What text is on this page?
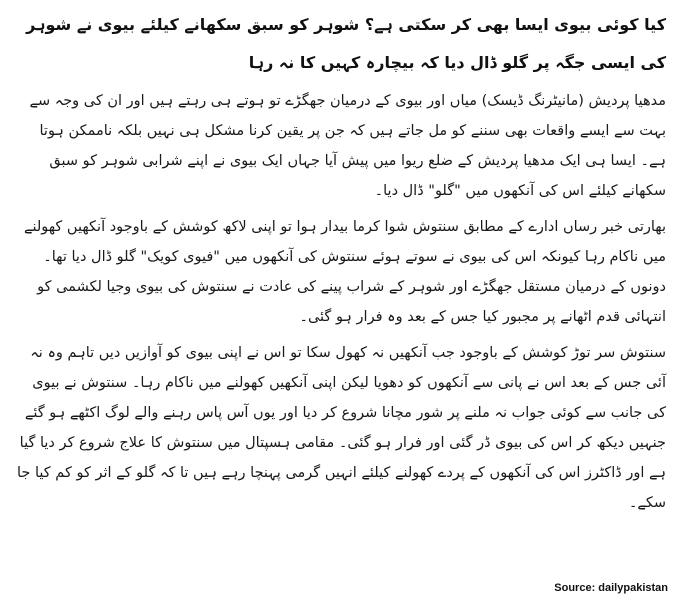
کیا کوئی بیوی ایسا بھی کر سکتی ہے؟ شوہر کو سبق سکھانے کیلئے بیوی نے شوہر کی ایسی جگہ پر گلو ڈال دیا کہ بیچارہ کہیں کا نہ رہا

مدھیا پردیش (مانیٹرنگ ڈیسک) میاں اور بیوی کے درمیان جھگڑے تو ہوتے ہی رہتے ہیں اور ان کی وجہ سے بہت سے ایسے واقعات بھی سننے کو مل جاتے ہیں کہ جن پر یقین کرنا مشکل ہی نہیں بلکہ ناممکن ہوتا ہے۔ ایسا ہی ایک مدھیا پردیش کے ضلع ریوا میں پیش آیا جہاں ایک بیوی نے اپنے شرابی شوہر کو سبق سکھانے کیلئے اس کی آنکھوں میں "گلو" ڈال دیا۔

بھارتی خبر رساں ادارے کے مطابق سنتوش شوا کرما بیدار ہوا تو اپنی لاکھ کوشش کے باوجود آنکھیں کھولنے میں ناکام رہا کیونکہ اس کی بیوی نے سوتے ہوئے سنتوش کی آنکھوں میں "فیوی کویک" گلو ڈال دیا تھا۔ دونوں کے درمیان مستقل جھگڑے اور شوہر کے شراب پینے کی عادت نے سنتوش کی بیوی وجیا لکشمی کو انتہائی قدم اٹھانے پر مجبور کیا جس کے بعد وہ فرار ہو گئی۔

سنتوش سر توڑ کوشش کے باوجود جب آنکھیں نہ کھول سکا تو اس نے اپنی بیوی کو آوازیں دیں تاہم وہ نہ آئی جس کے بعد اس نے پانی سے آنکھوں کو دھویا لیکن اپنی آنکھیں کھولنے میں ناکام رہا۔ سنتوش نے بیوی کی جانب سے کوئی جواب نہ ملنے پر شور مچانا شروع کر دیا اور یوں آس پاس رہنے والے لوگ اکٹھے ہو گئے جنہیں دیکھ کر اس کی بیوی ڈر گئی اور فرار ہو گئی۔ مقامی ہسپتال میں سنتوش کا علاج شروع کر دیا گیا ہے اور ڈاکٹرز اس کی آنکھوں کے پردے کھولنے کیلئے انہیں گرمی پہنچا رہے ہیں تا کہ گلو کے اثر کو کم کیا جا سکے۔

Source: dailypakistan
